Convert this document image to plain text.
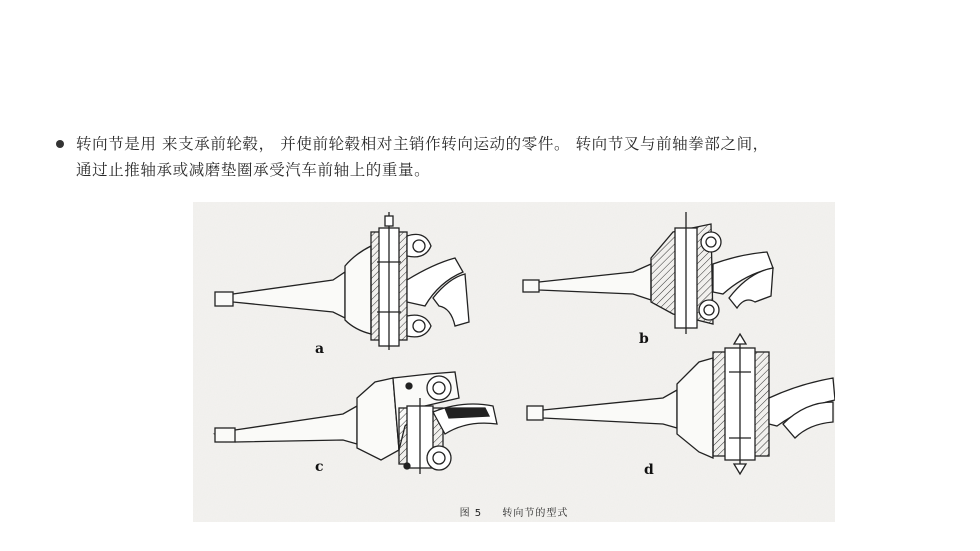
转向节是用 来支承前轮毂， 并使前轮毂相对主销作转向运动的零件。 转向节叉与前轴拳部之间，
通过止推轴承或减磨垫圈承受汽车前轴上的重量。
a
b
c	d
图 5 转向节的型式
